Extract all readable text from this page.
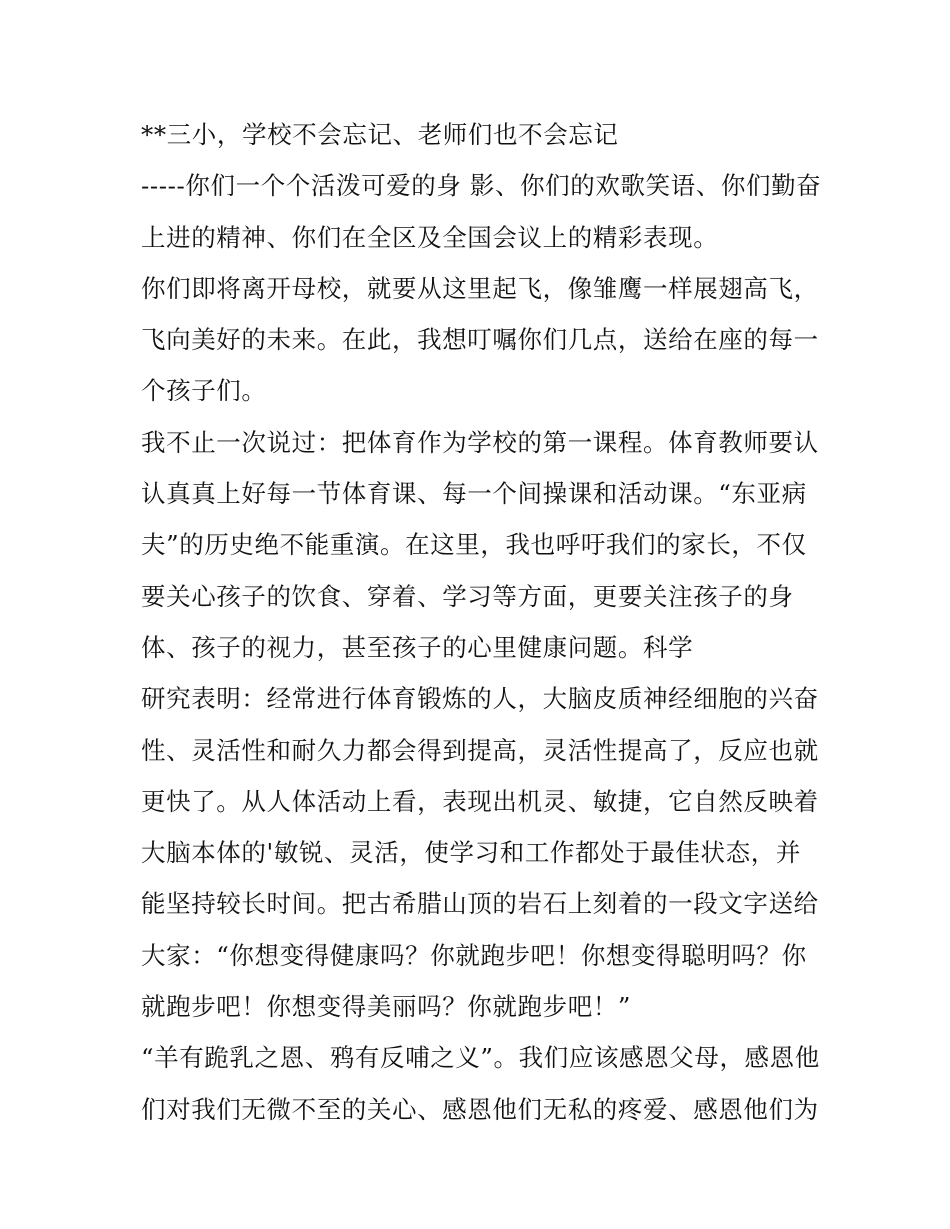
**三小，学校不会忘记、老师们也不会忘记
-----你们一个个活泼可爱的身 影、你们的欢歌笑语、你们勤奋
上进的精神、你们在全区及全国会议上的精彩表现。
你们即将离开母校，就要从这里起飞，像雏鹰一样展翅高飞，
飞向美好的未来。在此，我想叮嘱你们几点，送给在座的每一
个孩子们。
我不止一次说过：把体育作为学校的第一课程。体育教师要认
认真真上好每一节体育课、每一个间操课和活动课。“东亚病
夫”的历史绝不能重演。在这里，我也呼吁我们的家长，不仅
要关心孩子的饮食、穿着、学习等方面，更要关注孩子的身
体、孩子的视力，甚至孩子的心里健康问题。科学
研究表明：经常进行体育锻炼的人，大脑皮质神经细胞的兴奋
性、灵活性和耐久力都会得到提高，灵活性提高了，反应也就
更快了。从人体活动上看，表现出机灵、敏捷，它自然反映着
大脑本体的'敏锐、灵活，使学习和工作都处于最佳状态，并
能坚持较长时间。把古希腊山顶的岩石上刻着的一段文字送给
大家：“你想变得健康吗？你就跑步吧！你想变得聪明吗？你
就跑步吧！你想变得美丽吗？你就跑步吧！”
“羊有跪乳之恩、鸦有反哺之义”。我们应该感恩父母，感恩他
们对我们无微不至的关心、感恩他们无私的疼爱、感恩他们为
